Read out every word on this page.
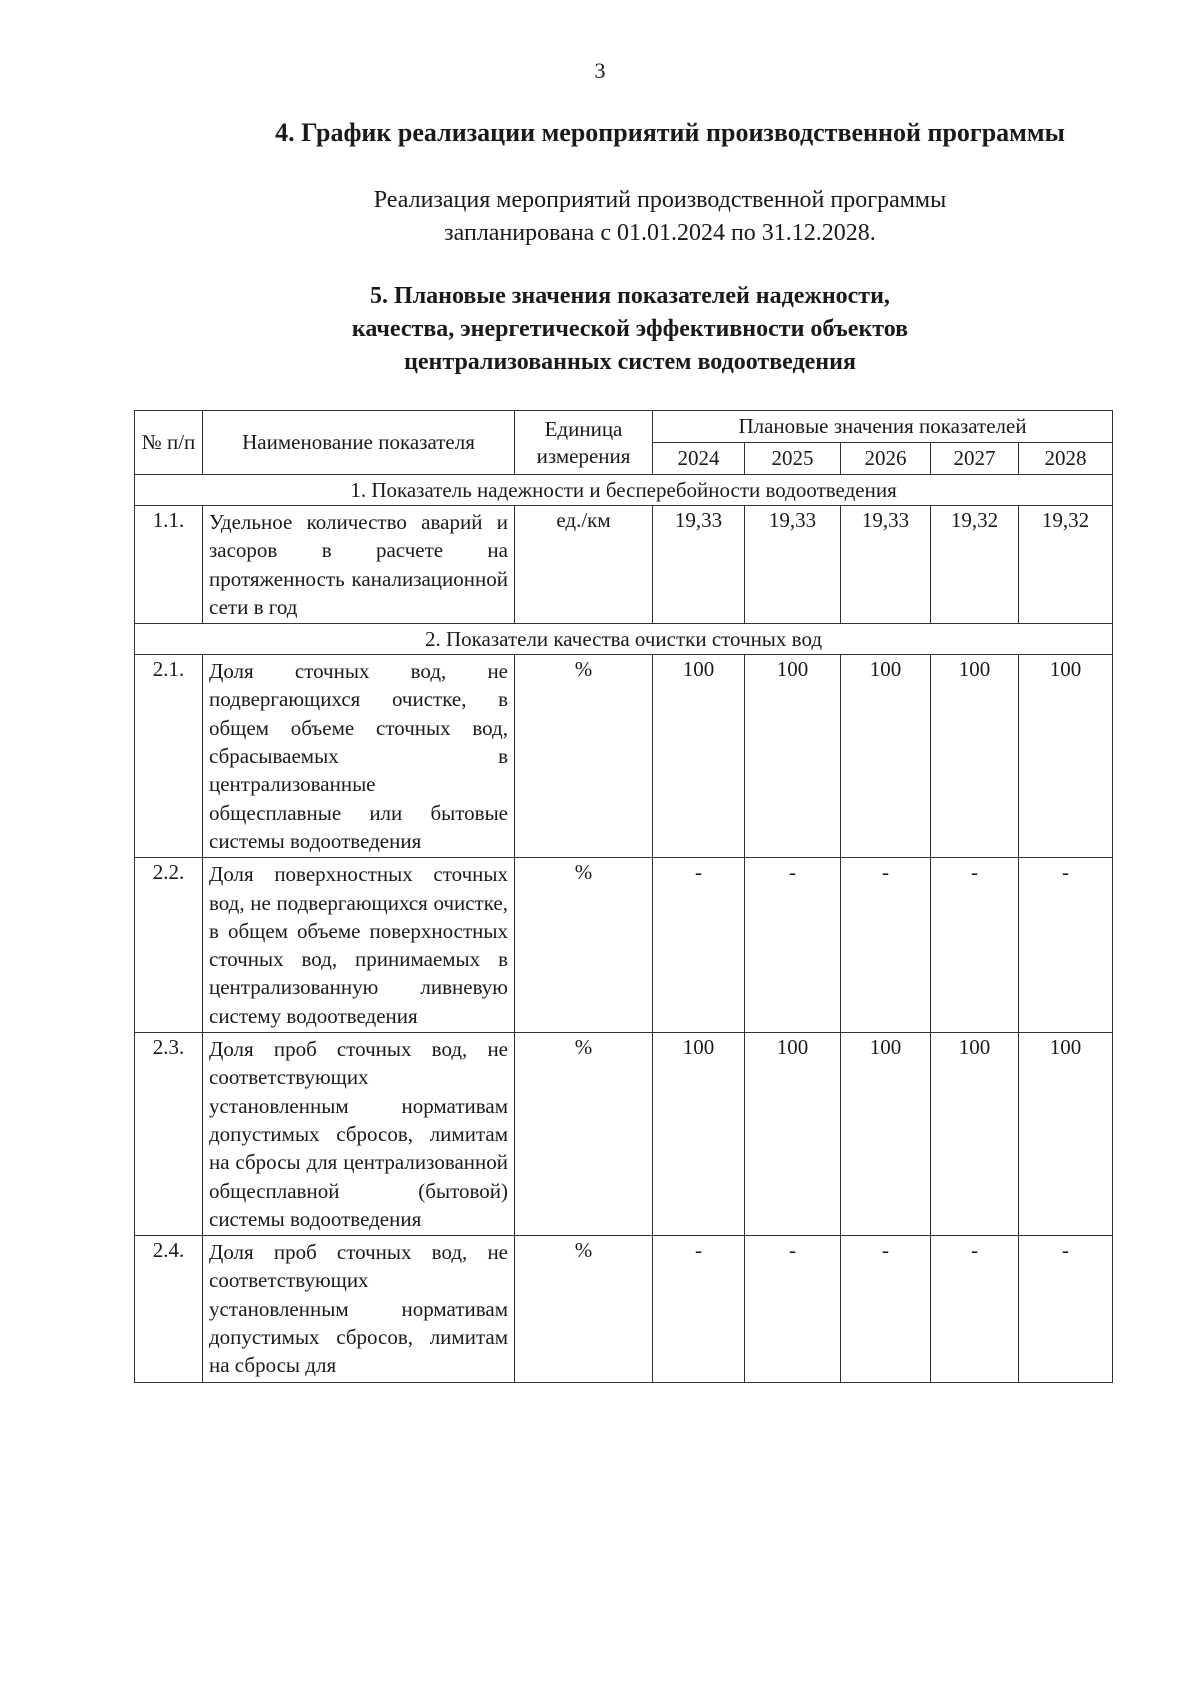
3
4. График реализации мероприятий производственной программы
Реализация мероприятий производственной программы
запланирована с 01.01.2024 по 31.12.2028.
5. Плановые значения показателей надежности,
качества, энергетической эффективности объектов
централизованных систем водоотведения
№ п/п	Наименование показателя	Единица измерения	Плановые значения показателей				
			2024	2025	2026	2027	2028
1. Показатель надежности и бесперебойности водоотведения							
1.1.	Удельное количество аварий и засоров в расчете на протяженность канализационной сети в год	ед./км	19,33	19,33	19,33	19,32	19,32
2. Показатели качества очистки сточных вод							
2.1.	Доля сточных вод, не подвергающихся очистке, в общем объеме сточных вод, сбрасываемых в централизованные общесплавные или бытовые системы водоотведения	%	100	100	100	100	100
2.2.	Доля поверхностных сточных вод, не подвергающихся очистке, в общем объеме поверхностных сточных вод, принимаемых в централизованную ливневую систему водоотведения	%	-	-	-	-	-
2.3.	Доля проб сточных вод, не соответствующих установленным нормативам допустимых сбросов, лимитам на сбросы для централизованной общесплавной (бытовой) системы водоотведения	%	100	100	100	100	100
2.4.	Доля проб сточных вод, не соответствующих установленным нормативам допустимых сбросов, лимитам на сбросы для	%	-	-	-	-	-
